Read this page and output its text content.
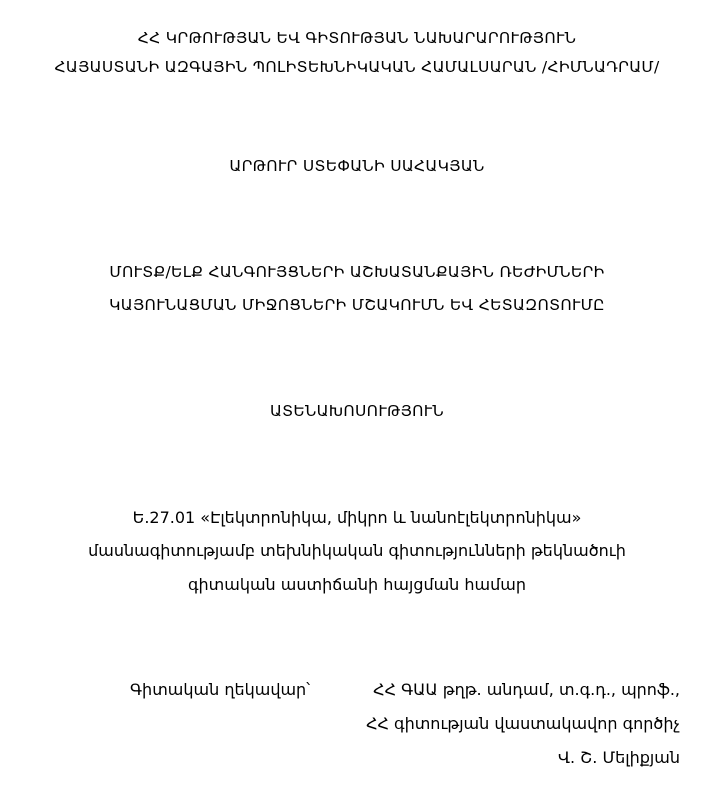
ՀՀ ԿՐԹՈՒԹՅԱՆ ԵՎ ԳԻՏՈՒԹՅԱՆ ՆԱԽԱՐԱՐՈՒԹՅՈՒՆ
ՀԱՅԱՍՏԱՆԻ ԱԶԳԱՅԻՆ ՊՈԼԻՏԵԽՆԻԿԱԿԱՆ ՀԱՄԱԼՍԱՐԱՆ /ՀԻՄՆԱԴՐԱՄ/
ԱՐԹՈՒՐ ՍՏԵՓԱՆԻ ՍԱՀԱԿՅԱՆ
ՄՈՒՏՔ/ԵԼՔ ՀԱՆԳՈՒՅՑՆԵՐԻ ԱՇԽԱՏԱՆՔԱՅԻՆ ՌԵԺԻՄՆԵՐԻ
ԿԱՅՈՒՆԱՑՄԱՆ ՄԻՋՈՑՆԵՐԻ ՄՇԱԿՈՒՄՆ ԵՎ ՀԵՏԱԶՈՏՈՒՄԸ
ԱՏԵՆԱԽՈՍՈՒԹՅՈՒՆ
Ե.27.01 «Էլեկտրոնիկա, միկրո և նանոէլեկտրոնիկա»
մասնագիտությամբ տեխնիկական գիտությունների թեկնածուի
գիտական աստիճանի հայցման համար
Գիտական ղեկավար՝	ՀՀ ԳԱԱ թղթ. անդամ, տ.գ.դ., պրոֆ.,
ՀՀ գիտության վաստակավոր գործիչ
Վ. Շ. Մելիքյան
